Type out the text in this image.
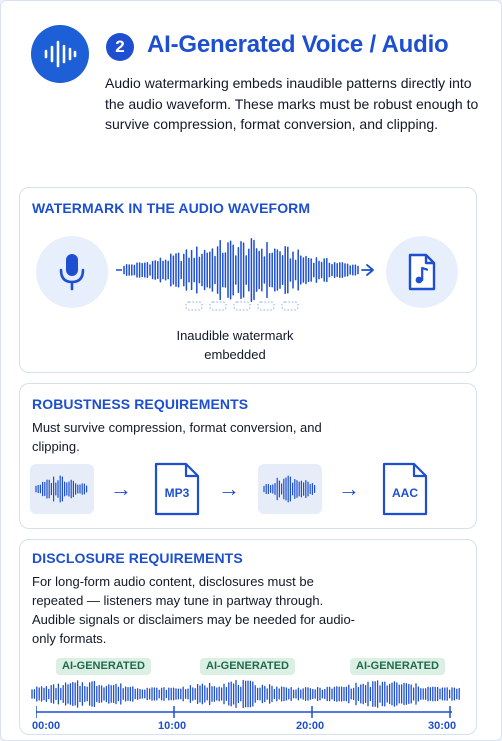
2 AI-Generated Voice / Audio
Audio watermarking embeds inaudible patterns directly into the audio waveform. These marks must be robust enough to survive compression, format conversion, and clipping.
WATERMARK IN THE AUDIO WAVEFORM
Inaudible watermark embedded
ROBUSTNESS REQUIREMENTS
Must survive compression, format conversion, and clipping.
→	MP3	→	→	AAC
DISCLOSURE REQUIREMENTS
For long-form audio content, disclosures must be repeated — listeners may tune in partway through. Audible signals or disclaimers may be needed for audio-only formats.
AI-GENERATED	AI-GENERATED	AI-GENERATED
00:00	10:00	20:00	30:00
